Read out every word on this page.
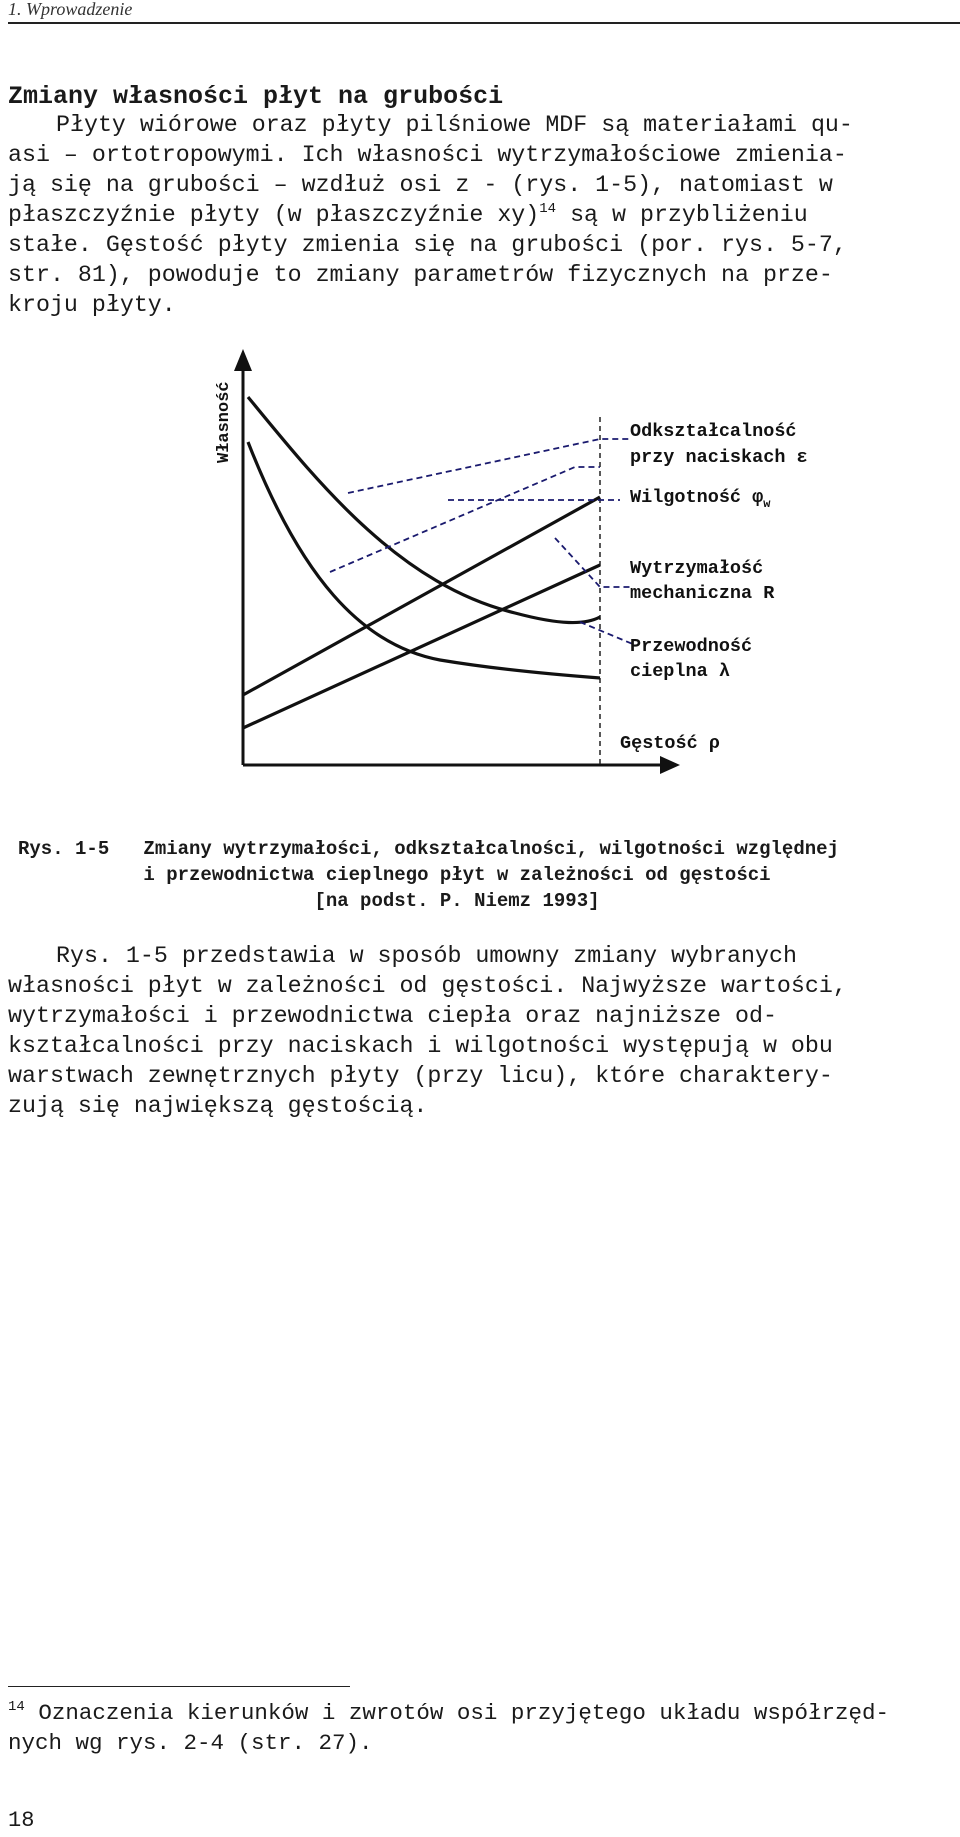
1. Wprowadzenie
Zmiany własności płyt na grubości
Płyty wiórowe oraz płyty pilśniowe MDF są materiałami qu-
asi – ortotropowymi. Ich własności wytrzymałościowe zmienia-
ją się na grubości – wzdłuż osi z - (rys. 1-5), natomiast w
płaszczyźnie płyty (w płaszczyźnie xy)$^{14}$ są w przybliżeniu
stałe. Gęstość płyty zmienia się na grubości (por. rys. 5-7,
str. 81), powoduje to zmiany parametrów fizycznych na prze-
kroju płyty.
Własność	Odkształcalność
przy naciskach ε
Wilgotność $\varphi_w$
Wytrzymałość
mechaniczna R
Przewodność
cieplna λ
Gęstość ρ
Rys. 1-5   Zmiany wytrzymałości, odkształcalności, wilgotności względnej
i przewodnictwa cieplnego płyt w zależności od gęstości
[na podst. P. Niemz 1993]
Rys. 1-5 przedstawia w sposób umowny zmiany wybranych
własności płyt w zależności od gęstości. Najwyższe wartości,
wytrzymałości i przewodnictwa ciepła oraz najniższe od-
kształcalności przy naciskach i wilgotności występują w obu
warstwach zewnętrznych płyty (przy licu), które charaktery-
zują się największą gęstością.
$^{14}$ Oznaczenia kierunków i zwrotów osi przyjętego układu współrzęd-
nych wg rys. 2-4 (str. 27).
18
